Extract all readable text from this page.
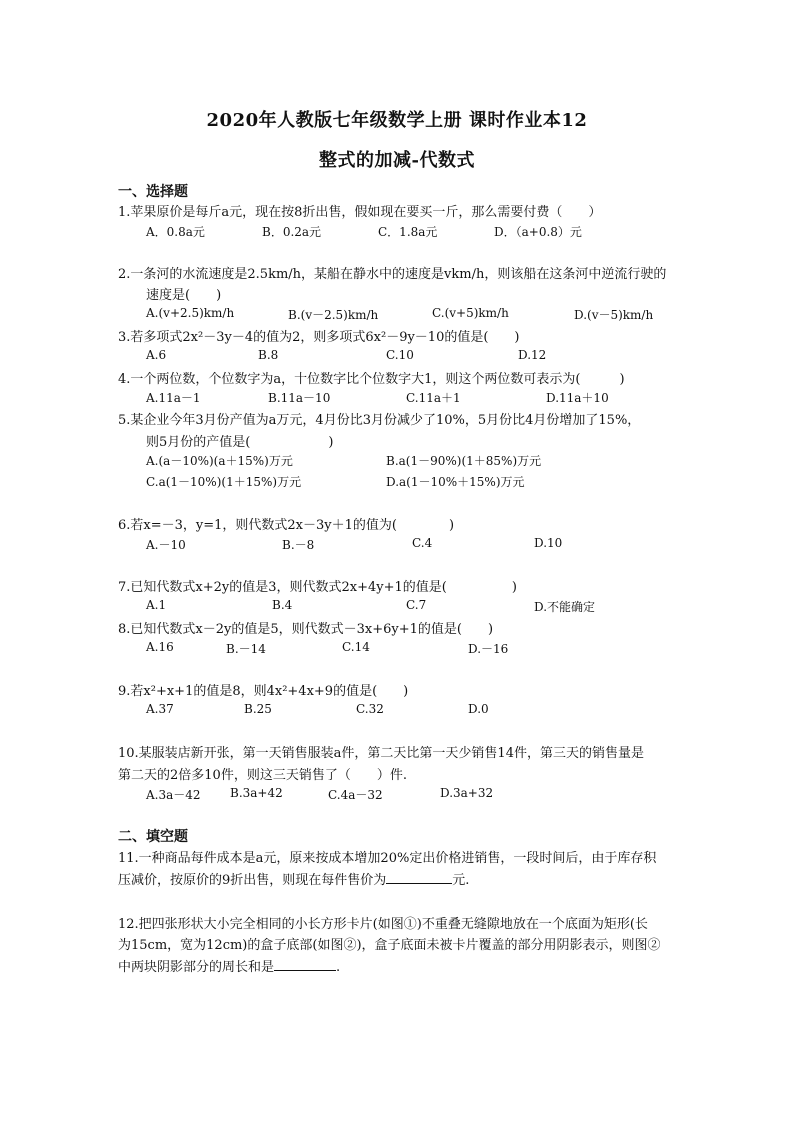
2020年人教版七年级数学上册 课时作业本12
整式的加减-代数式
一、选择题
1.苹果原价是每斤a元，现在按8折出售，假如现在要买一斤，那么需要付费（　　）
A．0.8a元	B．0.2a元	C．1.8a元	D．（a+0.8）元
2.一条河的水流速度是2.5km/h，某船在静水中的速度是vkm/h，则该船在这条河中逆流行驶的
速度是(　　)
A.(v+2.5)km/h	B.(v－2.5)km/h	C.(v+5)km/h	D.(v－5)km/h
3.若多项式2x²－3y－4的值为2，则多项式6x²－9y－10的值是(　　)
A.6	B.8	C.10	D.12
4.一个两位数，个位数字为a，十位数字比个位数字大1，则这个两位数可表示为(　　　)
A.11a－1	B.11a－10	C.11a＋1	D.11a＋10
5.某企业今年3月份产值为a万元，4月份比3月份减少了10%，5月份比4月份增加了15%，
则5月份的产值是(　　　　　　)
A.(a－10%)(a＋15%)万元	B.a(1－90%)(1＋85%)万元
C.a(1－10%)(1＋15%)万元	D.a(1－10%＋15%)万元
6.若x=－3，y=1，则代数式2x－3y＋1的值为(　　　　)
A.－10	B.－8	C.4	D.10
7.已知代数式x+2y的值是3，则代数式2x+4y+1的值是(　　　　　)
A.1	B.4	C.7	D.不能确定
8.已知代数式x－2y的值是5，则代数式－3x+6y+1的值是(　　)
A.16	B.－14	C.14	D.－16
9.若x²+x+1的值是8，则4x²+4x+9的值是(　　)
A.37	B.25	C.32	D.0
10.某服装店新开张，第一天销售服装a件，第二天比第一天少销售14件，第三天的销售量是
第二天的2倍多10件，则这三天销售了（　　）件.
A.3a－42 B.3a+42	C.4a－32	D.3a+32
二、填空题
11.一种商品每件成本是a元，原来按成本增加20%定出价格进销售，一段时间后，由于库存积
压减价，按原价的9折出售，则现在每件售价为	元.
12.把四张形状大小完全相同的小长方形卡片(如图①)不重叠无缝隙地放在一个底面为矩形(长
为15cm，宽为12cm)的盒子底部(如图②)，盒子底面未被卡片覆盖的部分用阴影表示，则图②
中两块阴影部分的周长和是	.
